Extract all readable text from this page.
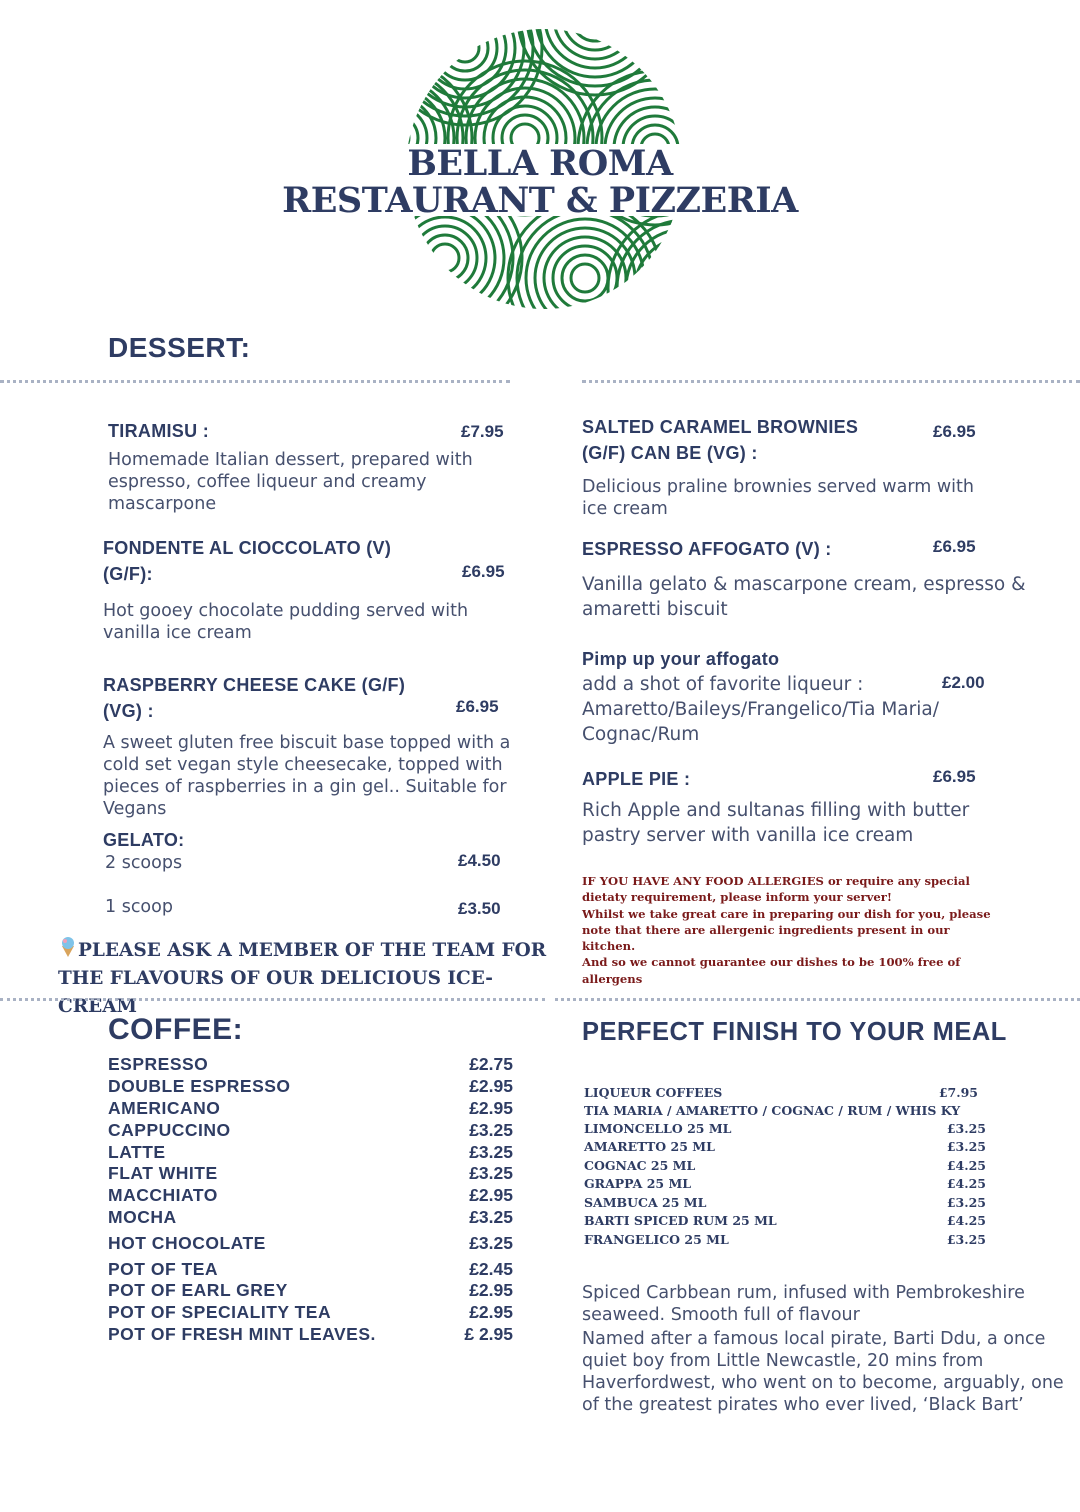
BELLA ROMA
RESTAURANT & PIZZERIA
DESSERT:
TIRAMISU :	£7.95
Homemade Italian dessert, prepared with espresso, coffee liqueur and creamy mascarpone
FONDENTE AL CIOCCOLATO (V) (G/F):	£6.95
Hot gooey chocolate pudding served with vanilla ice cream
RASPBERRY CHEESE CAKE (G/F) (VG) :	£6.95
A sweet gluten free biscuit base topped with a cold set vegan style cheesecake, topped with pieces of raspberries in a gin gel.. Suitable for Vegans
GELATO:
2 scoops	£4.50
1 scoop	£3.50
PLEASE ASK A MEMBER OF THE TEAM FOR THE FLAVOURS OF OUR DELICIOUS ICE-CREAM
SALTED CARAMEL BROWNIES (G/F) CAN BE (VG) :
£6.95
Delicious praline brownies served warm with ice cream
ESPRESSO AFFOGATO (V) :	£6.95
Vanilla gelato & mascarpone cream, espresso & amaretti biscuit
Pimp up your affogato
add a shot of favorite liqueur :	£2.00
Amaretto/Baileys/Frangelico/Tia Maria/ Cognac/Rum
APPLE PIE :	£6.95
Rich Apple and sultanas filling with butter pastry server with vanilla ice cream
IF YOU HAVE ANY FOOD ALLERGIES or require any special dietaty requirement, please inform your server!
Whilst we take great care in preparing our dish for you, please note that there are allergenic ingredients present in our kitchen.
And so we cannot guarantee our dishes to be 100% free of allergens
COFFEE:
ESPRESSO	£2.75
DOUBLE ESPRESSO	£2.95
AMERICANO	£2.95
CAPPUCCINO	£3.25
LATTE	£3.25
FLAT WHITE	£3.25
MACCHIATO	£2.95
MOCHA	£3.25
HOT CHOCOLATE	£3.25
POT OF TEA	£2.45
POT OF EARL GREY	£2.95
POT OF SPECIALITY TEA	£2.95
POT OF FRESH MINT LEAVES.	£ 2.95
PERFECT FINISH TO YOUR MEAL
LIQUEUR COFFEES	£7.95
TIA MARIA / AMARETTO / COGNAC / RUM / WHIS KY
LIMONCELLO 25 ML	£3.25
AMARETTO 25 ML	£3.25
COGNAC 25 ML	£4.25
GRAPPA 25 ML	£4.25
SAMBUCA 25 ML	£3.25
BARTI SPICED RUM 25 ML	£4.25
FRANGELICO 25 ML	£3.25
Spiced Carbbean rum, infused with Pembrokeshire seaweed. Smooth full of flavour
Named after a famous local pirate, Barti Ddu, a once quiet boy from Little Newcastle, 20 mins from Haverfordwest, who went on to become, arguably, one of the greatest pirates who ever lived, ‘Black Bart’
